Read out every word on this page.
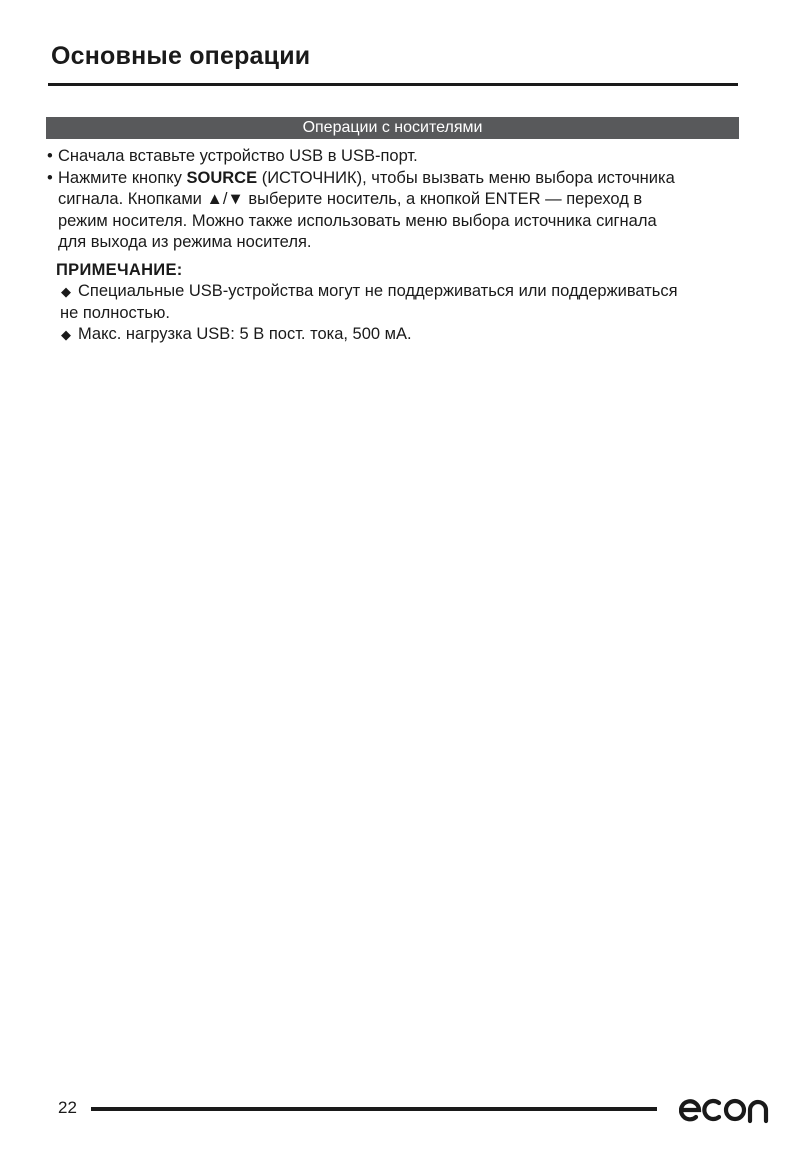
Основные операции
Операции с носителями
• Сначала вставьте устройство USB в USB-порт.
• Нажмите кнопку SOURCE (ИСТОЧНИК), чтобы вызвать меню выбора источника
сигнала. Кнопками ▲/▼ выберите носитель, а кнопкой ENTER — переход в
режим носителя. Можно также использовать меню выбора источника сигнала
для выхода из режима носителя.
ПРИМЕЧАНИЕ:
◆ Специальные USB-устройства могут не поддерживаться или поддерживаться
не полностью.
◆ Макс. нагрузка USB: 5 В пост. тока, 500 мА.
22
